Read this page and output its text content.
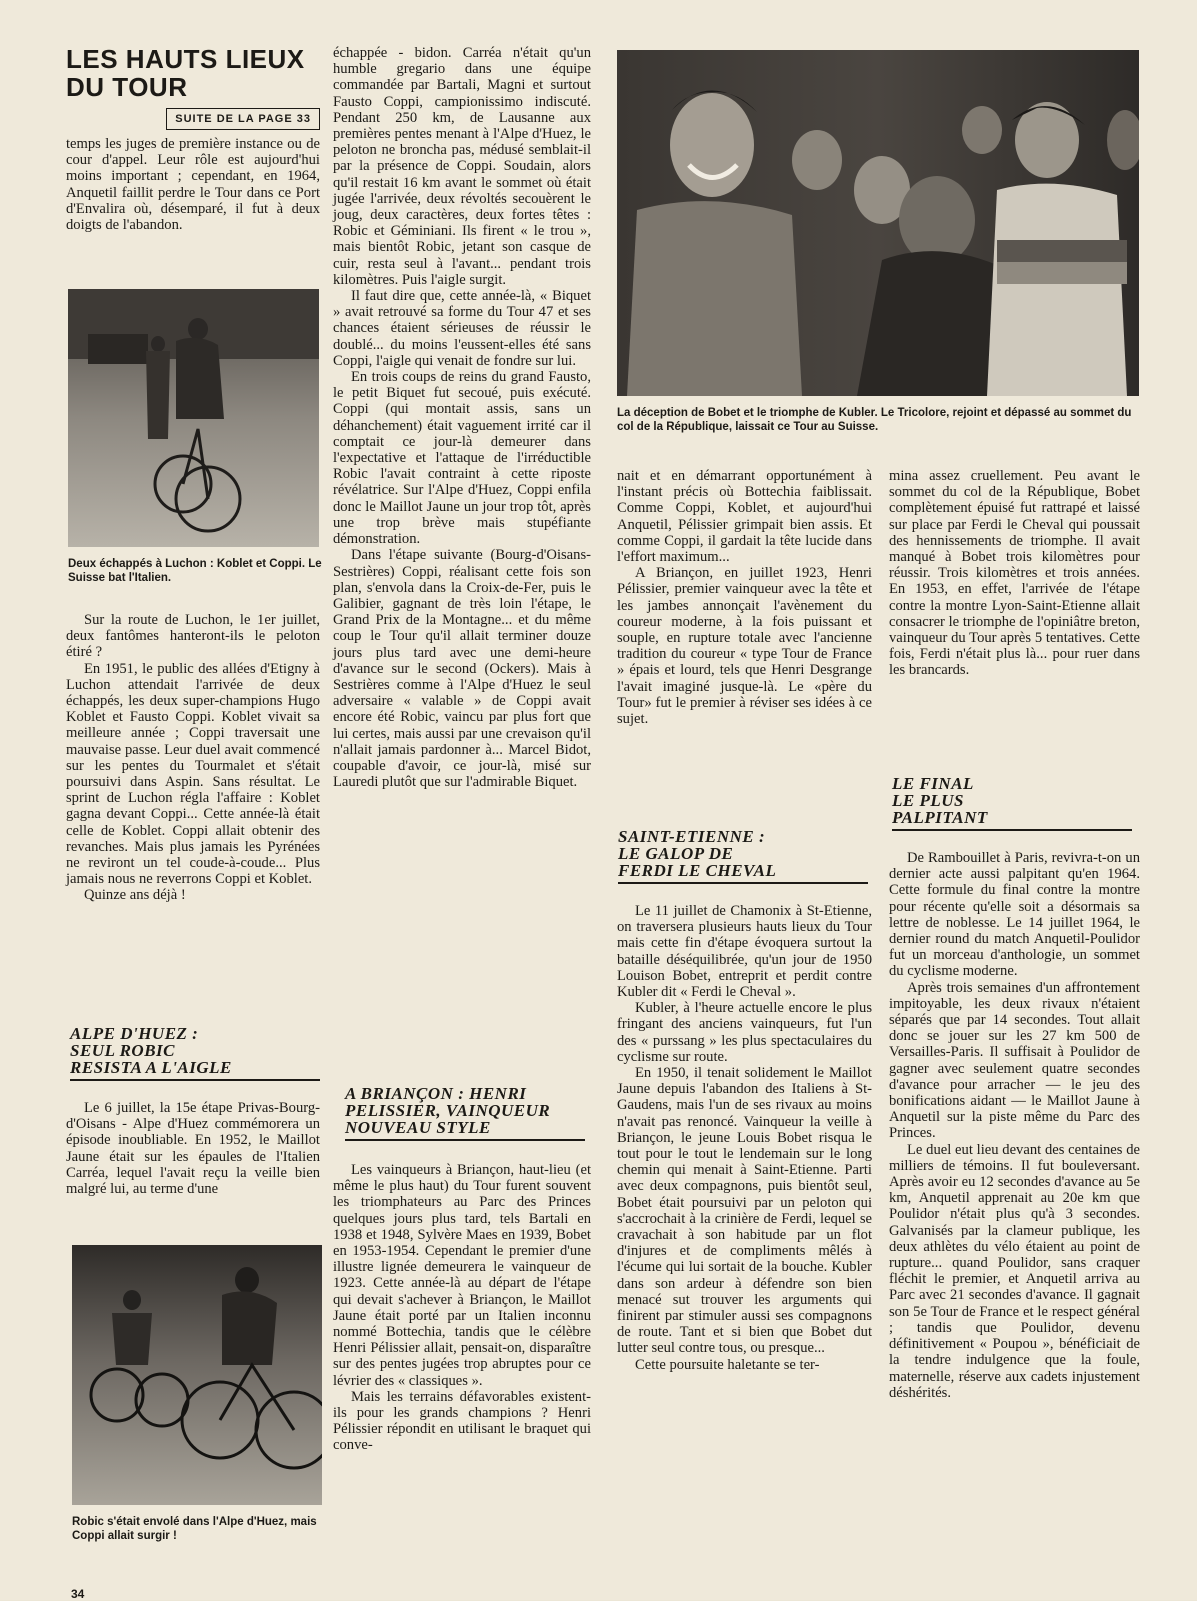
LES HAUTS LIEUX
DU TOUR
SUITE DE LA PAGE 33

temps les juges de première instance ou de cour d'appel. Leur rôle est aujourd'hui moins important ; cependant, en 1964, Anquetil faillit perdre le Tour dans ce Port d'Envalira où, désemparé, il fut à deux doigts de l'abandon.

Deux échappés à Luchon : Koblet et Coppi. Le Suisse bat l'Italien.

Sur la route de Luchon, le 1er juillet, deux fantômes hanteront-ils le peloton étiré ?

En 1951, le public des allées d'Etigny à Luchon attendait l'arrivée de deux échappés, les deux super-champions Hugo Koblet et Fausto Coppi. Koblet vivait sa meilleure année ; Coppi traversait une mauvaise passe. Leur duel avait commencé sur les pentes du Tourmalet et s'était poursuivi dans Aspin. Sans résultat. Le sprint de Luchon régla l'affaire : Koblet gagna devant Coppi... Cette année-là était celle de Koblet. Coppi allait obtenir des revanches. Mais plus jamais les Pyrénées ne reviront un tel coude-à-coude... Plus jamais nous ne reverrons Coppi et Koblet.

Quinze ans déjà !

ALPE D'HUEZ :
SEUL ROBIC
RESISTA A L'AIGLE

Le 6 juillet, la 15e étape Privas-Bourg-d'Oisans - Alpe d'Huez commémorera un épisode inoubliable. En 1952, le Maillot Jaune était sur les épaules de l'Italien Carréa, lequel l'avait reçu la veille bien malgré lui, au terme d'une

Robic s'était envolé dans l'Alpe d'Huez, mais Coppi allait surgir !

échappée - bidon. Carréa n'était qu'un humble gregario dans une équipe commandée par Bartali, Magni et surtout Fausto Coppi, campionissimo indiscuté. Pendant 250 km, de Lausanne aux premières pentes menant à l'Alpe d'Huez, le peloton ne broncha pas, médusé semblait-il par la présence de Coppi. Soudain, alors qu'il restait 16 km avant le sommet où était jugée l'arrivée, deux révoltés secouèrent le joug, deux caractères, deux fortes têtes : Robic et Géminiani. Ils firent « le trou », mais bientôt Robic, jetant son casque de cuir, resta seul à l'avant... pendant trois kilomètres. Puis l'aigle surgit.

Il faut dire que, cette année-là, « Biquet » avait retrouvé sa forme du Tour 47 et ses chances étaient sérieuses de réussir le doublé... du moins l'eussent-elles été sans Coppi, l'aigle qui venait de fondre sur lui.

En trois coups de reins du grand Fausto, le petit Biquet fut secoué, puis exécuté. Coppi (qui montait assis, sans un déhanchement) était vaguement irrité car il comptait ce jour-là demeurer dans l'expectative et l'attaque de l'irréductible Robic l'avait contraint à cette riposte révélatrice. Sur l'Alpe d'Huez, Coppi enfila donc le Maillot Jaune un jour trop tôt, après une trop brève mais stupéfiante démonstration.

Dans l'étape suivante (Bourg-d'Oisans-Sestrières) Coppi, réalisant cette fois son plan, s'envola dans la Croix-de-Fer, puis le Galibier, gagnant de très loin l'étape, le Grand Prix de la Montagne... et du même coup le Tour qu'il allait terminer douze jours plus tard avec une demi-heure d'avance sur le second (Ockers). Mais à Sestrières comme à l'Alpe d'Huez le seul adversaire « valable » de Coppi avait encore été Robic, vaincu par plus fort que lui certes, mais aussi par une crevaison qu'il n'allait jamais pardonner à... Marcel Bidot, coupable d'avoir, ce jour-là, misé sur Lauredi plutôt que sur l'admirable Biquet.

A BRIANÇON : HENRI
PELISSIER, VAINQUEUR
NOUVEAU STYLE

Les vainqueurs à Briançon, haut-lieu (et même le plus haut) du Tour furent souvent les triomphateurs au Parc des Princes quelques jours plus tard, tels Bartali en 1938 et 1948, Sylvère Maes en 1939, Bobet en 1953-1954. Cependant le premier d'une illustre lignée demeurera le vainqueur de 1923. Cette année-là au départ de l'étape qui devait s'achever à Briançon, le Maillot Jaune était porté par un Italien inconnu nommé Bottechia, tandis que le célèbre Henri Pélissier allait, pensait-on, disparaître sur des pentes jugées trop abruptes pour ce lévrier des « classiques ».

Mais les terrains défavorables existent-ils pour les grands champions ? Henri Pélissier répondit en utilisant le braquet qui conve-

La déception de Bobet et le triomphe de Kubler. Le Tricolore, rejoint et dépassé au sommet du col de la République, laissait ce Tour au Suisse.

nait et en démarrant opportunément à l'instant précis où Bottechia faiblissait. Comme Coppi, Koblet, et aujourd'hui Anquetil, Pélissier grimpait bien assis. Et comme Coppi, il gardait la tête lucide dans l'effort maximum...

A Briançon, en juillet 1923, Henri Pélissier, premier vainqueur avec la tête et les jambes annonçait l'avènement du coureur moderne, à la fois puissant et souple, en rupture totale avec l'ancienne tradition du coureur « type Tour de France » épais et lourd, tels que Henri Desgrange l'avait imaginé jusque-là. Le «père du Tour» fut le premier à réviser ses idées à ce sujet.

SAINT-ETIENNE :
LE GALOP DE
FERDI LE CHEVAL

Le 11 juillet de Chamonix à St-Etienne, on traversera plusieurs hauts lieux du Tour mais cette fin d'étape évoquera surtout la bataille déséquilibrée, qu'un jour de 1950 Louison Bobet, entreprit et perdit contre Kubler dit « Ferdi le Cheval ».

Kubler, à l'heure actuelle encore le plus fringant des anciens vainqueurs, fut l'un des « purssang » les plus spectaculaires du cyclisme sur route.

En 1950, il tenait solidement le Maillot Jaune depuis l'abandon des Italiens à St-Gaudens, mais l'un de ses rivaux au moins n'avait pas renoncé. Vainqueur la veille à Briançon, le jeune Louis Bobet risqua le tout pour le tout le lendemain sur le long chemin qui menait à Saint-Etienne. Parti avec deux compagnons, puis bientôt seul, Bobet était poursuivi par un peloton qui s'accrochait à la crinière de Ferdi, lequel se cravachait à son habitude par un flot d'injures et de compliments mêlés à l'écume qui lui sortait de la bouche. Kubler dans son ardeur à défendre son bien menacé sut trouver les arguments qui finirent par stimuler aussi ses compagnons de route. Tant et si bien que Bobet dut lutter seul contre tous, ou presque...

Cette poursuite haletante se ter-

mina assez cruellement. Peu avant le sommet du col de la République, Bobet complètement épuisé fut rattrapé et laissé sur place par Ferdi le Cheval qui poussait des hennissements de triomphe. Il avait manqué à Bobet trois kilomètres pour réussir. Trois kilomètres et trois années. En 1953, en effet, l'arrivée de l'étape contre la montre Lyon-Saint-Etienne allait consacrer le triomphe de l'opiniâtre breton, vainqueur du Tour après 5 tentatives. Cette fois, Ferdi n'était plus là... pour ruer dans les brancards.

LE FINAL
LE PLUS
PALPITANT

De Rambouillet à Paris, revivra-t-on un dernier acte aussi palpitant qu'en 1964. Cette formule du final contre la montre pour récente qu'elle soit a désormais sa lettre de noblesse. Le 14 juillet 1964, le dernier round du match Anquetil-Poulidor fut un morceau d'anthologie, un sommet du cyclisme moderne.

Après trois semaines d'un affrontement impitoyable, les deux rivaux n'étaient séparés que par 14 secondes. Tout allait donc se jouer sur les 27 km 500 de Versailles-Paris. Il suffisait à Poulidor de gagner avec seulement quatre secondes d'avance pour arracher — le jeu des bonifications aidant — le Maillot Jaune à Anquetil sur la piste même du Parc des Princes.

Le duel eut lieu devant des centaines de milliers de témoins. Il fut bouleversant. Après avoir eu 12 secondes d'avance au 5e km, Anquetil apprenait au 20e km que Poulidor n'était plus qu'à 3 secondes. Galvanisés par la clameur publique, les deux athlètes du vélo étaient au point de rupture... quand Poulidor, sans craquer fléchit le premier, et Anquetil arriva au Parc avec 21 secondes d'avance. Il gagnait son 5e Tour de France et le respect général ; tandis que Poulidor, devenu définitivement « Poupou », bénéficiait de la tendre indulgence que la foule, maternelle, réserve aux cadets injustement déshérités.

34
